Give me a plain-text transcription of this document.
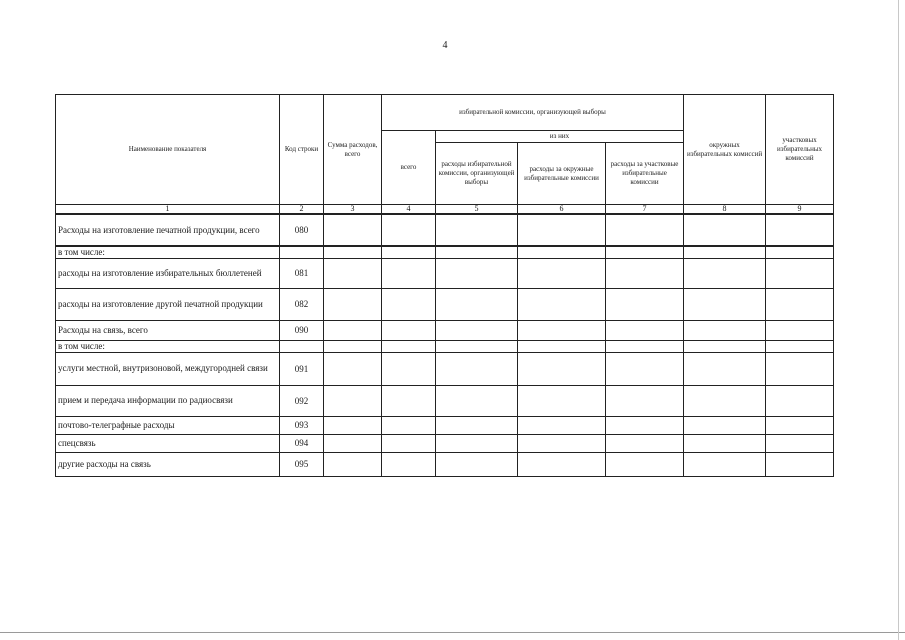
4
Наименование показателя	Код строки	Сумма расходов, всего	избирательной комиссии, организующей выборы				окружных избирательных комиссий	участковых избирательных комиссий
			всего	из них				
				расходы избирательной комиссии, организующей выборы	расходы за окружные избирательные комиссии	расходы за участковые избирательные комиссии		
1	2	3	4	5	6	7	8	9
Расходы на изготовление печатной продукции, всего	080							
в том числе:								
расходы на изготовление избирательных бюллетеней	081							
расходы на изготовление другой печатной продукции	082							
Расходы на связь, всего	090							
в том числе:								
услуги местной, внутризоновой, междугородней связи	091							
прием и передача информации по радиосвязи	092							
почтово-телеграфные расходы	093							
спецсвязь	094							
другие расходы на связь	095							
